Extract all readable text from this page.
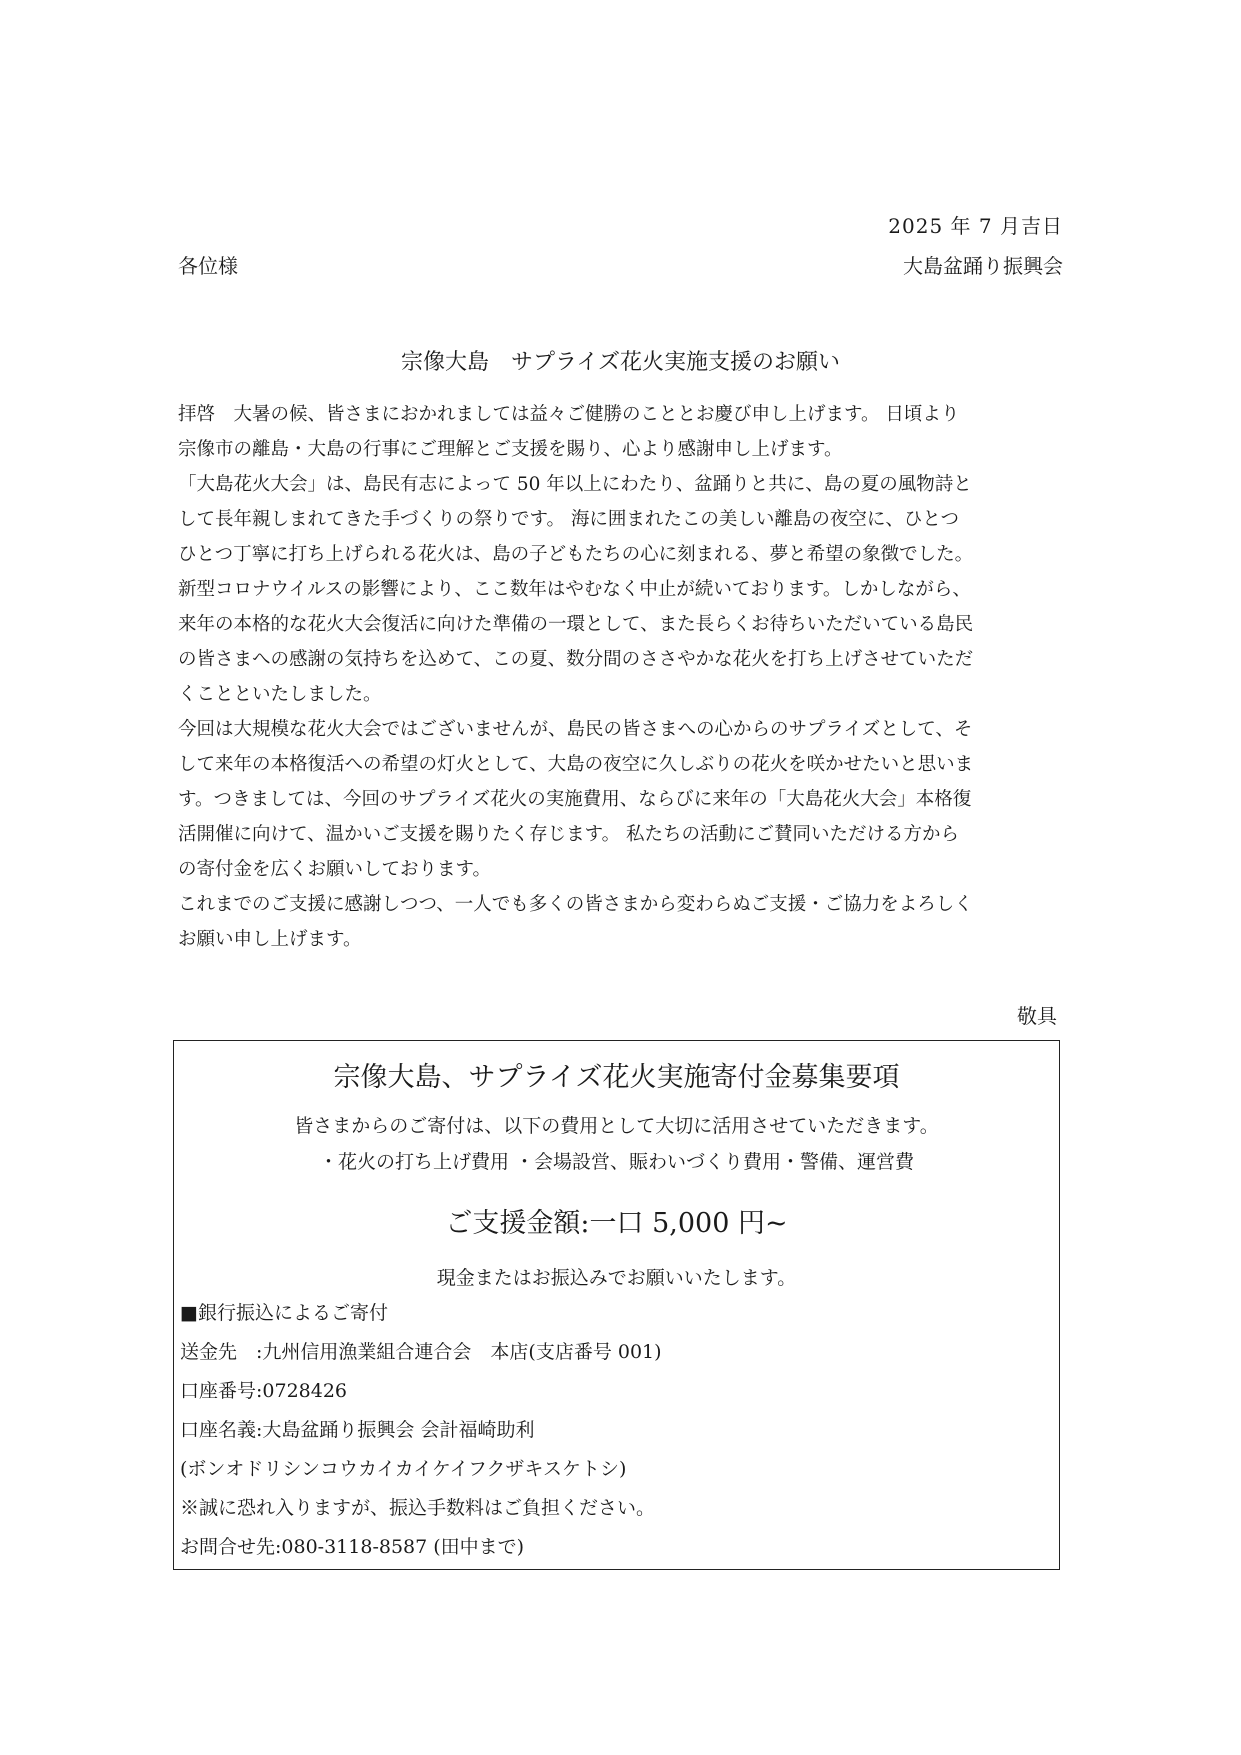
2025 年 7 月吉日
各位様	大島盆踊り振興会
宗像大島　サプライズ花火実施支援のお願い
拝啓　大暑の候、皆さまにおかれましては益々ご健勝のこととお慶び申し上げます。 日頃より
宗像市の離島・大島の行事にご理解とご支援を賜り、心より感謝申し上げます。
「大島花火大会」は、島民有志によって 50 年以上にわたり、盆踊りと共に、島の夏の風物詩と
して長年親しまれてきた手づくりの祭りです。 海に囲まれたこの美しい離島の夜空に、ひとつ
ひとつ丁寧に打ち上げられる花火は、島の子どもたちの心に刻まれる、夢と希望の象徴でした。
新型コロナウイルスの影響により、ここ数年はやむなく中止が続いております。しかしながら、
来年の本格的な花火大会復活に向けた準備の一環として、また長らくお待ちいただいている島民
の皆さまへの感謝の気持ちを込めて、この夏、数分間のささやかな花火を打ち上げさせていただ
くことといたしました。
今回は大規模な花火大会ではございませんが、島民の皆さまへの心からのサプライズとして、そ
して来年の本格復活への希望の灯火として、大島の夜空に久しぶりの花火を咲かせたいと思いま
す。つきましては、今回のサプライズ花火の実施費用、ならびに来年の「大島花火大会」本格復
活開催に向けて、温かいご支援を賜りたく存じます。 私たちの活動にご賛同いただける方から
の寄付金を広くお願いしております。
これまでのご支援に感謝しつつ、一人でも多くの皆さまから変わらぬご支援・ご協力をよろしく
お願い申し上げます。
敬具
宗像大島、サプライズ花火実施寄付金募集要項
皆さまからのご寄付は、以下の費用として大切に活用させていただきます。
・花火の打ち上げ費用 ・会場設営、賑わいづくり費用・警備、運営費
ご支援金額:一口 5,000 円~
現金またはお振込みでお願いいたします。
■銀行振込によるご寄付
送金先　:九州信用漁業組合連合会　本店(支店番号 001)
口座番号:0728426
口座名義:大島盆踊り振興会 会計福崎助利
(ボンオドリシンコウカイカイケイフクザキスケトシ)
※誠に恐れ入りますが、振込手数料はご負担ください。
お問合せ先:080-3118-8587 (田中まで)
